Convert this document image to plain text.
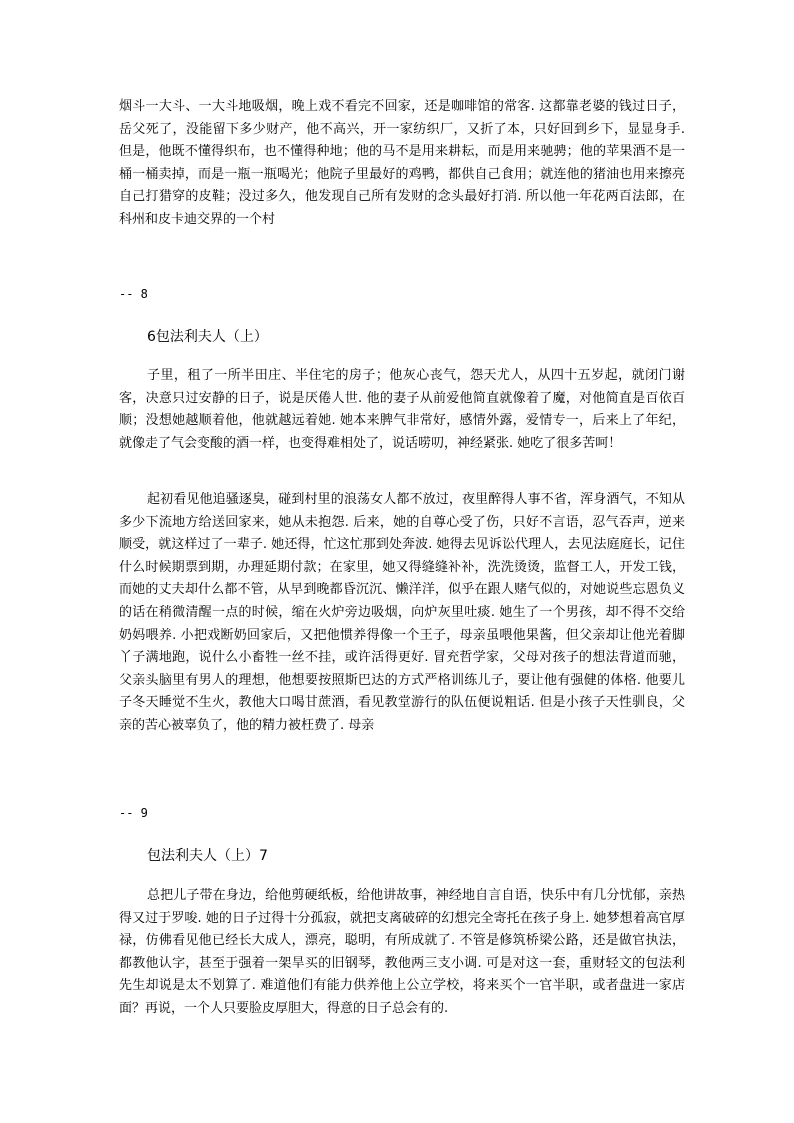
烟斗一大斗、一大斗地吸烟，晚上戏不看完不回家，还是咖啡馆的常客. 这都靠老婆的钱过日子，岳父死了，没能留下多少财产，他不高兴，开一家纺织厂，又折了本，只好回到乡下，显显身手. 但是，他既不懂得织布，也不懂得种地；他的马不是用来耕耘，而是用来驰骋；他的苹果酒不是一桶一桶卖掉，而是一瓶一瓶喝光；他院子里最好的鸡鸭，都供自己食用；就连他的猪油也用来擦亮自己打猎穿的皮鞋；没过多久，他发现自己所有发财的念头最好打消. 所以他一年花两百法郎，在科州和皮卡迪交界的一个村

-- 8

6包法利夫人（上）

子里，租了一所半田庄、半住宅的房子；他灰心丧气，怨天尤人，从四十五岁起，就闭门谢客，决意只过安静的日子，说是厌倦人世. 他的妻子从前爱他简直就像着了魔，对他简直是百依百顺；没想她越顺着他，他就越远着她. 她本来脾气非常好，感情外露，爱情专一，后来上了年纪，就像走了气会变酸的酒一样，也变得难相处了，说话唠叨，神经紧张. 她吃了很多苦呵！

起初看见他追骚逐臭，碰到村里的浪荡女人都不放过，夜里醉得人事不省，浑身酒气，不知从多少下流地方给送回家来，她从未抱怨. 后来，她的自尊心受了伤，只好不言语，忍气吞声，逆来顺受，就这样过了一辈子. 她还得，忙这忙那到处奔波. 她得去见诉讼代理人，去见法庭庭长，记住什么时候期票到期，办理延期付款；在家里，她又得缝缝补补，洗洗烫烫，监督工人，开发工钱，而她的丈夫却什么都不管，从早到晚都昏沉沉、懒洋洋，似乎在跟人赌气似的，对她说些忘恩负义的话在稍微清醒一点的时候，缩在火炉旁边吸烟，向炉灰里吐痰. 她生了一个男孩，却不得不交给奶妈喂养. 小把戏断奶回家后，又把他惯养得像一个王子，母亲虽喂他果酱，但父亲却让他光着脚丫子满地跑，说什么小畜牲一丝不挂，或许活得更好. 冒充哲学家，父母对孩子的想法背道而驰，父亲头脑里有男人的理想，他想要按照斯巴达的方式严格训练儿子，要让他有强健的体格. 他要儿子冬天睡觉不生火，教他大口喝甘蔗酒，看见教堂游行的队伍便说粗话. 但是小孩子天性驯良，父亲的苦心被辜负了，他的精力被枉费了. 母亲

-- 9

包法利夫人（上）7

总把儿子带在身边，给他剪硬纸板，给他讲故事，神经地自言自语，快乐中有几分忧郁，亲热得又过于罗唆. 她的日子过得十分孤寂，就把支离破碎的幻想完全寄托在孩子身上. 她梦想着高官厚禄，仿佛看见他已经长大成人，漂亮，聪明，有所成就了. 不管是修筑桥梁公路，还是做官执法，都教他认字，甚至于强着一架旱买的旧钢琴，教他两三支小调. 可是对这一套，重财轻文的包法利先生却说是太不划算了. 难道他们有能力供养他上公立学校，将来买个一官半职，或者盘进一家店面？再说，一个人只要脸皮厚胆大，得意的日子总会有的.
